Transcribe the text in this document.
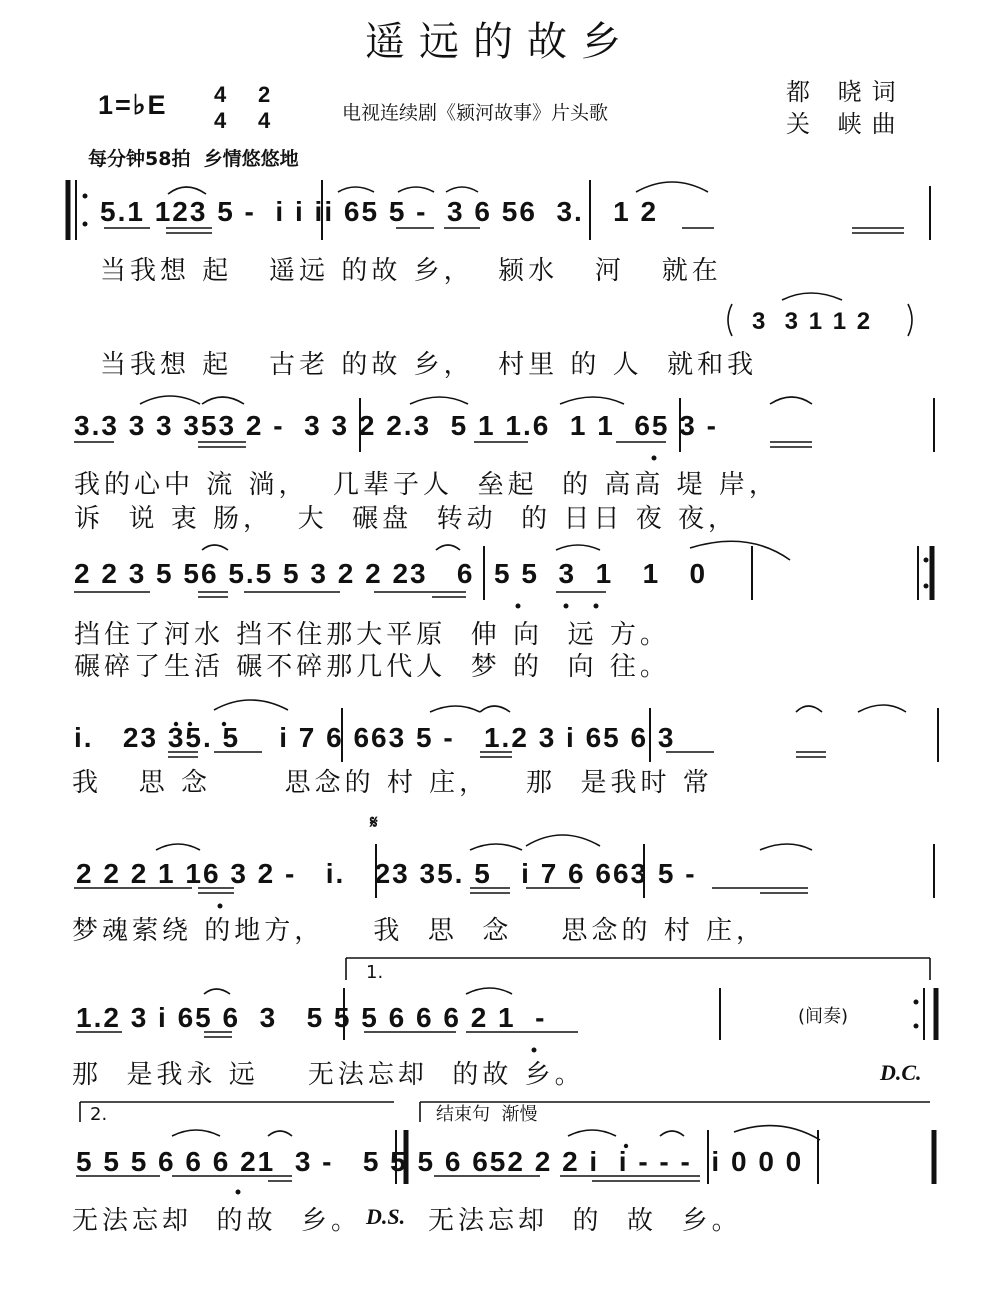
遥远的故乡
1=♭E 4
4
2
4	电视连续剧《颍河故事》片头歌
都 晓词
关 峡曲
每分钟58拍  乡情悠悠地
5.1 123 5 -  i i ii 65 5 -  3 6 56  3.   1 2
当我想 起   遥远 的故 乡，  颍水   河   就在
3  3 1 1 2
当我想 起   古老 的故 乡，  村里 的 人  就和我
3.3 3 3 353 2 -  3 3 2 2.3  5 1 1.6  1 1  65 3 -
我的心中 流 淌，  几辈子人  垒起  的 高高 堤 岸，
诉  说 衷 肠，  大  碾盘  转动  的 日日 夜 夜，
2 2 3 5 56 5.5 5 3 2 2 23   6  5 5  3  1   1   0
挡住了河水 挡不住那大平原  伸 向  远 方。
碾碎了生活 碾不碎那几代人  梦 的  向 往。
i.   23 35. 5    i 7 6 663 5 -   1.2 3 i 65 6 3
我   思 念      思念的 村 庄，   那  是我时 常
𝄋
2 2 2 1 16 3 2 -   i.   23 35. 5   i 7 6 663 5 -
梦魂萦绕 的地方，    我  思  念    思念的 村 庄，
1.
1.2 3 i 65 6  3   5 5 5 6 6 6 2 1  -	(间奏)
那  是我永 远    无法忘却  的故 乡。	D.C.
2.	结束句  渐慢
5 5 5 6 6 6 21  3 -   5 5 5 6 652 2 2 i  i - - -  i 0 0 0
无法忘却  的故  乡。 D.S. 无法忘却  的  故  乡。
